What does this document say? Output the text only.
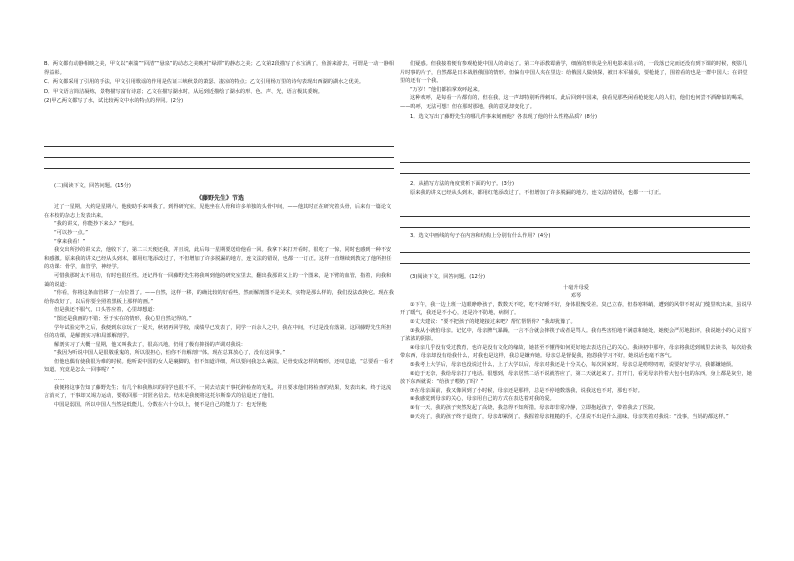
B．两文都有动静相映之美，甲文以“素湍”“回清”“悬泉”的动态之美映衬“绿潭”的静态之美；乙文第2段描写了水宝满了，鱼游来游去，可谓是一动一静相得益彰。

C．两文都采用了引用的手法，甲文引用歌谣的作用是佐证三峡秋景的萧瑟、凄凉的特点；乙文引用杨万里的诗句表现出西湖的湖水之优美。

D．甲文语言简洁凝练，景物描写富有诗意；乙文在描写湖水时，从远到近描绘了湖水的形、色、声、光，语言极其委婉。

(2)甲乙两文都写了水，试比较两文中水的特点的异同。(2分)

(二)阅读下文，回答问题。(15分)

《藤野先生》节选

过了一星期，大约是星期六，他使助手来叫我了。到得研究室，见他坐在人骨和许多单独的头骨中间，——他其时正在研究着头骨，后来有一篇论文在本校的杂志上发表出来。

“我的讲义，你能抄下来么？”他问。

“可以抄一点。”

“拿来我看！”

我交出所抄的讲义去，他收下了，第二三天便还我，并且说，此后每一星期要送给他看一回。我拿下来打开看时，很吃了一惊，同时也感到一种不安和感激。原来我的讲义已经从头到末，都用红笔添改过了，不但增加了许多脱漏的地方，连文法的错误，也都一一订正。这样一直继续到教完了他所担任的功课：骨学，血管学，神经学。

可惜我那时太不用功，有时也很任性。还记得有一回藤野先生将我叫到他的研究室里去，翻出我那讲义上的一个图来，是下臂的血管，指着，向我和蔼的说道：

“你看，你将这条血管移了一点位置了。——自然，这样一移，的确比较的好看些，然而解剖图不是美术，实物是那么样的，我们没法改换它。现在我给你改好了，以后你要全照着黑板上那样的画。”

但是我还不服气，口头答应着，心里却想道：

“图还是我画的不错；至于实在的情形，我心里自然记得的。”

学年试验完毕之后，我便到东京玩了一夏天，秋初再回学校，成绩早已发表了，同学一百余人之中，我在中间，不过是没有落第。这回藤野先生所担任的功课，是解剖实习和局部解剖学。

解剖实习了大概一星期，他又叫我去了，很高兴地，仍用了极有抑扬的声调对我说：

“我因为听说中国人是很敬重鬼的，所以很担心，怕你不肯解剖尸体。现在总算放心了，没有这回事。”

但他也偶有使我很为难的时候。他听说中国的女人是裹脚的，但不知道详细，所以要问我怎么裹法，足骨变成怎样的畸形，还叹息道，“总要看一看才知道。究竟是怎么一回事呢？”

……

我便将这事告知了藤野先生；有几个和我熟识的同学也很不平，一同去诘责干事托辞检查的无礼，并且要求他们将检查的结果，发表出来。终于这流言消灭了，干事却又竭力运动，要收回那一封匿名信去。结末是我便将这托尔斯泰式的信退还了他们。

中国是弱国，所以中国人当然是低能儿，分数在六十分以上，便不是自己的能力了：也无怪他

们疑惑。但我接着便有参观枪毙中国人的命运了。第二年添教霉菌学，细菌的形状是全用电影来显示的，一段落已完而还没有到下课的时候，便影几片时事的片子，自然都是日本战胜俄国的情形。但偏有中国人夹在里边：给俄国人做侦探，被日本军捕获，要枪毙了，围着看的也是一群中国人；在讲堂里的还有一个我。

“万岁！”他们都拍掌欢呼起来。

这种欢呼，是每看一片都有的，但在我，这一声却特别听得刺耳。此后回到中国来，我看见那些闲看枪毙犯人的人们，他们也何尝不酒醉似的喝采，——呜呼，无法可想！但在那时那地，我的意见却变化了。

1．选文写出了藤野先生的哪几件事来刻画他？各表现了他的什么性格品质？(8分)

2．从描写方法的角度赏析下面的句子。(3分)

原来我的讲义已经从头到末，都用红笔添改过了，不但增加了许多脱漏的地方，连文法的错误，也都一一订正。

3．选文中画线的句子在内容和结构上分别有什么作用？(4分)

(3)阅读下文，回答问题。(12分)

十毫升母爱

邓琴

①下午，我一边上班一边眼睁睁孩子，数数天不吃，吃不好睡不好，身体很愧受差。臭已立春，但春寒料峭，遭到的风带不时从门缝里吹出来，虽说早开了暖气，我还是不小心，还是冷不防地，病倒了。

②丈夫建议：“要不把孩子的姥姥接过来吧？帮忙帮帮你？”我却犹豫了。

③我从小就怕母亲。记忆中，母亲脾气暴躁，一言不合就会摔筷子或者是骂人。我有些害怕地不满意和她处，她便会严厉地批评，我说她小的心灵留下了浓浓的阴影。

④母亲几乎没有受过教育，也许是没有文化的缘故，她甚至不懂得如何更好地去表达自己的关心。我读初中那年，母亲将我送到城里去读书，每次给我带东西，母亲却没有给我什么，对我也是这样，我总是嫌弃她。母亲总是督促我，抱怨我学习不好，她说话也毫不客气。

⑤我考上大学后，母亲也没说过什么，上了大学以后，母亲对我还是十分关心，每次回家时，母亲总是唠唠叨叨，说要好好学习，我都嫌她烦。

⑥迫于无奈，我给母亲打了电话。很想到，母亲居然二话不说就答应了，第二天就赶来了。打开门，看见母亲拎着大包小包的东西，身上都是灰尘，她放下东西就说：“给孩子喂奶了吗？”

⑦在母亲面前，我又像回到了小时候，母亲还是那样，总是不停地数落我，说我这也不对，那也不好。

⑧我感觉到母亲的关心，母亲用自己的方式在表达着对我的爱。

⑨有一天，我的孩子突然发起了高烧，我急得不知所措。母亲却非常冷静，立即抱起孩子，带着我去了医院。

⑩天亮了，我的孩子终于退烧了，母亲却累倒了。我握着母亲粗糙的手，心里说不出是什么滋味。母亲笑着对我说：“没事，当妈的都这样。”
